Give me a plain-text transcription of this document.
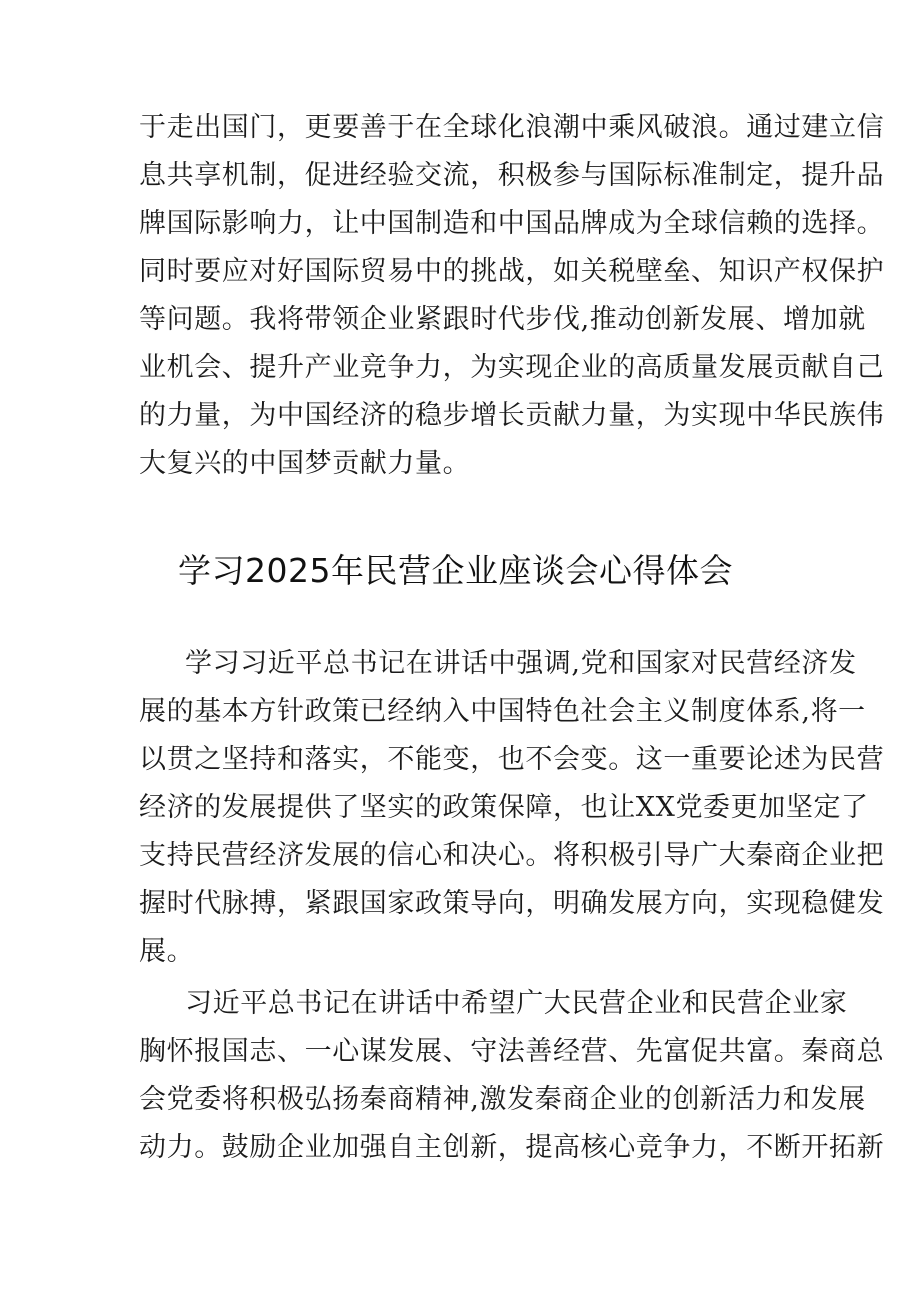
于走出国门，更要善于在全球化浪潮中乘风破浪。通过建立信
息共享机制，促进经验交流，积极参与国际标准制定，提升品
牌国际影响力，让中国制造和中国品牌成为全球信赖的选择。
同时要应对好国际贸易中的挑战，如关税壁垒、知识产权保护
等问题。我将带领企业紧跟时代步伐,推动创新发展、增加就
业机会、提升产业竞争力，为实现企业的高质量发展贡献自己
的力量，为中国经济的稳步增长贡献力量，为实现中华民族伟
大复兴的中国梦贡献力量。
学习2025年民营企业座谈会心得体会
学习习近平总书记在讲话中强调,党和国家对民营经济发
展的基本方针政策已经纳入中国特色社会主义制度体系,将一
以贯之坚持和落实，不能变，也不会变。这一重要论述为民营
经济的发展提供了坚实的政策保障，也让XX党委更加坚定了
支持民营经济发展的信心和决心。将积极引导广大秦商企业把
握时代脉搏，紧跟国家政策导向，明确发展方向，实现稳健发
展。
习近平总书记在讲话中希望广大民营企业和民营企业家
胸怀报国志、一心谋发展、守法善经营、先富促共富。秦商总
会党委将积极弘扬秦商精神,激发秦商企业的创新活力和发展
动力。鼓励企业加强自主创新，提高核心竞争力，不断开拓新
